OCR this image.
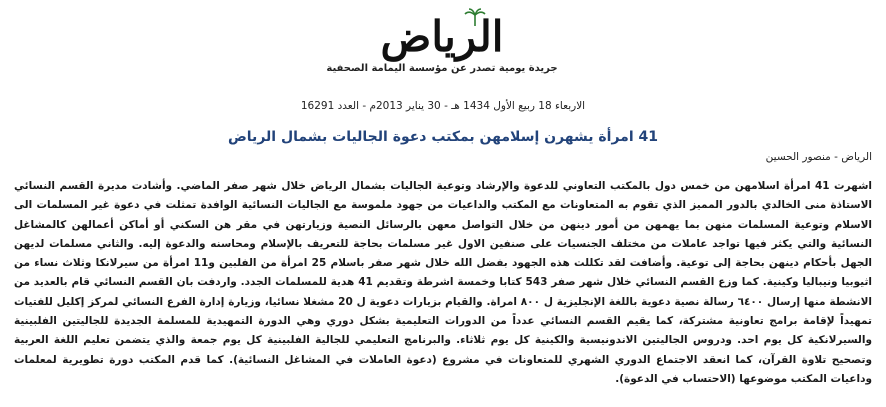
الرياض
جريدة يومية تصدر عن مؤسسة اليمامة الصحفية
الاربعاء 18 ربيع الأول 1434 هـ - 30 يناير 2013م - العدد 16291
41 امرأة يشهرن إسلامهن بمكتب دعوة الجاليات بشمال الرياض
الرياض - منصور الحسين

اشهرت 41 امرأة اسلامهن من خمس دول بالمكتب التعاوني للدعوة والإرشاد وتوعية الجاليات بشمال الرياض خلال شهر صفر الماضي. وأشادت مديرة القسم النسائي الاستاذة منى الخالدي بالدور المميز الذي تقوم به المتعاونات مع المكتب والداعيات من جهود ملموسة مع الجاليات النسائية الوافدة تمثلت في دعوة غير المسلمات الى الاسلام وتوعية المسلمات منهن بما يهمهن من أمور دينهن من خلال التواصل معهن بالرسائل النصية وزيارتهن في مقر هن السكني أو أماكن أعمالهن كالمشاغل النسائية والتي يكثر فيها تواجد عاملات من مختلف الجنسيات على صنفين الاول غير مسلمات بحاجة للتعريف بالإسلام ومحاسنه والدعوة إليه. والثاني مسلمات لديهن الجهل بأحكام دينهن بحاجة إلى توعية. وأضافت لقد تكللت هذه الجهود بفضل الله خلال شهر صفر باسلام 25 امرأة من الفلبين و11 امرأة من سيرلانكا وثلاث نساء من اثيوبيا ونيباليا وكينية. كما وزع القسم النسائي خلال شهر صفر 543 كتابا وخمسة اشرطة وتقديم 41 هدية للمسلمات الجدد. واردفت بان القسم النسائي قام بالعديد من الانشطة منها إرسال ٦٤٠٠ رسالة نصية دعوية باللغة الإنجليزية ل ٨٠٠ امراة. والقيام بزيارات دعوية ل 20 مشغلا نسائيا، وزيارة إدارة الفرع النسائي لمركز إكليل للفتيات تمهيداً لإقامة برامج تعاونية مشتركة، كما يقيم القسم النسائي عدداً من الدورات التعليمية بشكل دوري وهي الدورة التمهيدية للمسلمة الجديدة للجاليتين الفلبينية والسيرلانكية كل يوم احد. ودروس الجاليتين الاندونيسية والكينية كل يوم ثلاثاء. والبرنامج التعليمي للجالية الفلبينية كل يوم جمعة والذي يتضمن تعليم اللغة العربية وتصحيح تلاوة القرآن، كما انعقد الاجتماع الدوري الشهري للمتعاونات في مشروع (دعوة العاملات في المشاغل النسائية). كما قدم المكتب دورة تطويرية لمعلمات وداعيات المكتب موضوعها (الاحتساب في الدعوة).
